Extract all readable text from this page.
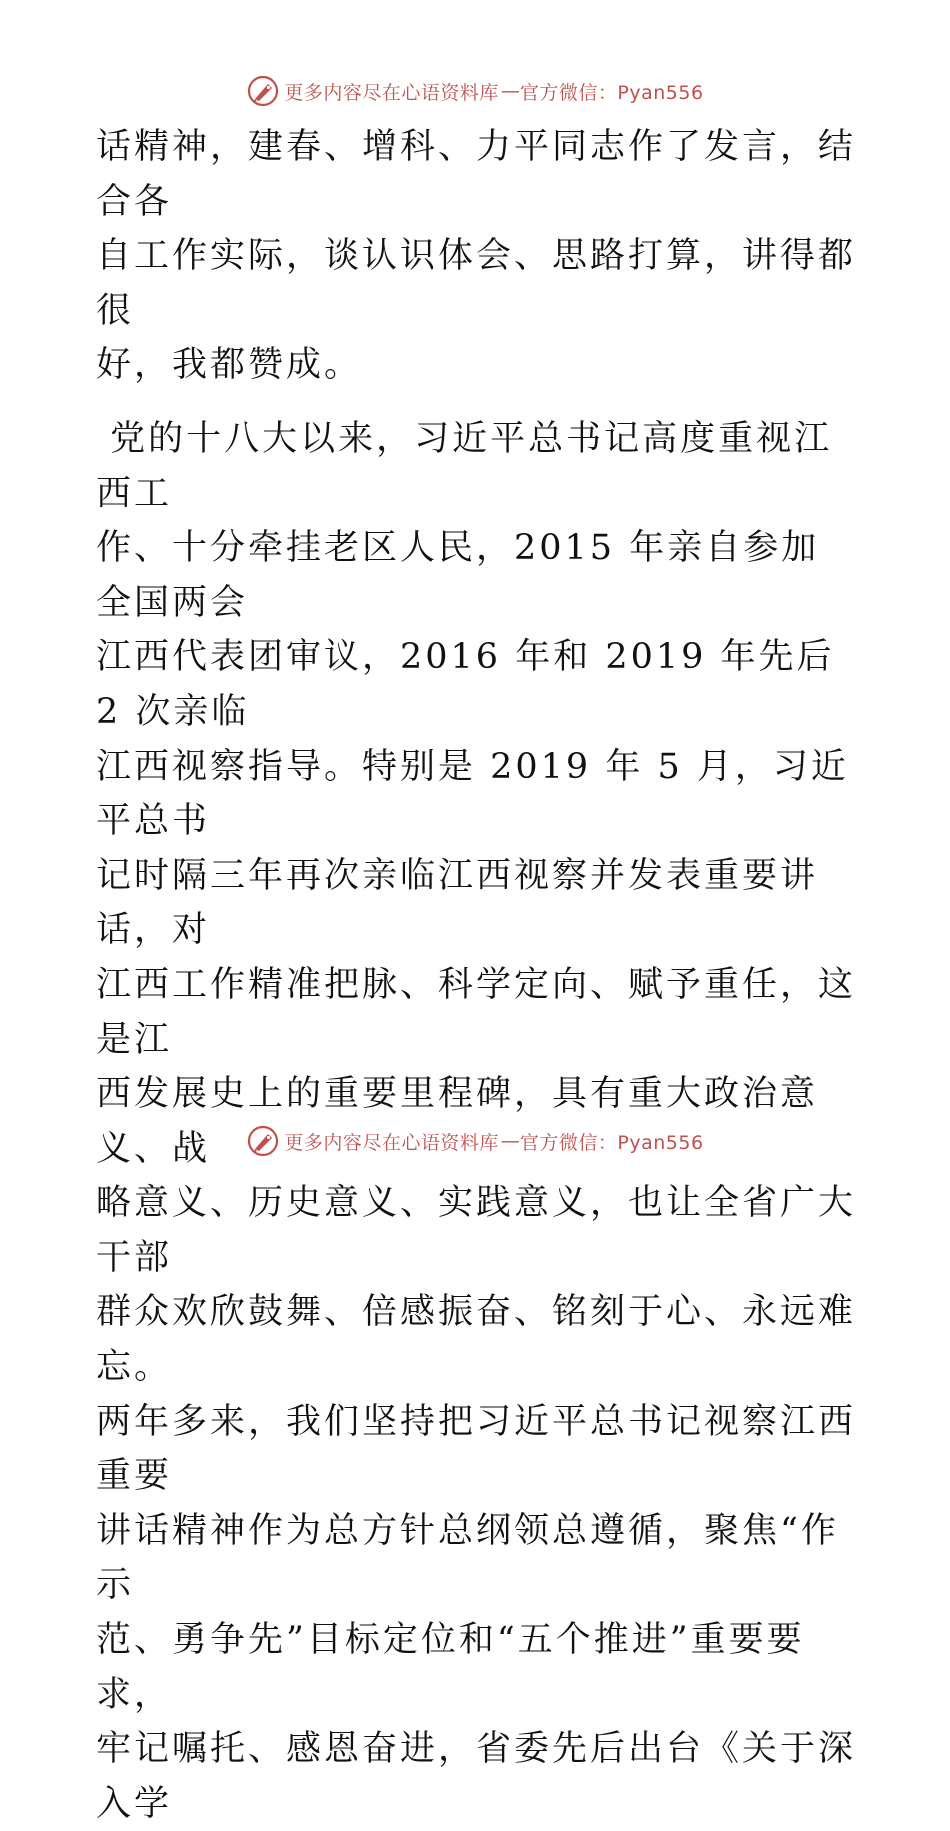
更多内容尽在心语资料库 — 官方微信：Pyan556
话精神，建春、增科、力平同志作了发言，结合各
自工作实际，谈认识体会、思路打算，讲得都很
好，我都赞成。
党的十八大以来，习近平总书记高度重视江西工
作、十分牵挂老区人民，2015 年亲自参加全国两会
江西代表团审议，2016 年和 2019 年先后 2 次亲临
江西视察指导。特别是 2019 年 5 月，习近平总书
记时隔三年再次亲临江西视察并发表重要讲话，对
江西工作精准把脉、科学定向、赋予重任，这是江
西发展史上的重要里程碑，具有重大政治意义、战
略意义、历史意义、实践意义，也让全省广大干部
群众欢欣鼓舞、倍感振奋、铭刻于心、永远难忘。
两年多来，我们坚持把习近平总书记视察江西重要
讲话精神作为总方针总纲领总遵循，聚焦“作示
范、勇争先”目标定位和“五个推进”重要要求，
牢记嘱托、感恩奋进，省委先后出台《关于深入学
更多内容尽在心语资料库 — 官方微信：Pyan556
